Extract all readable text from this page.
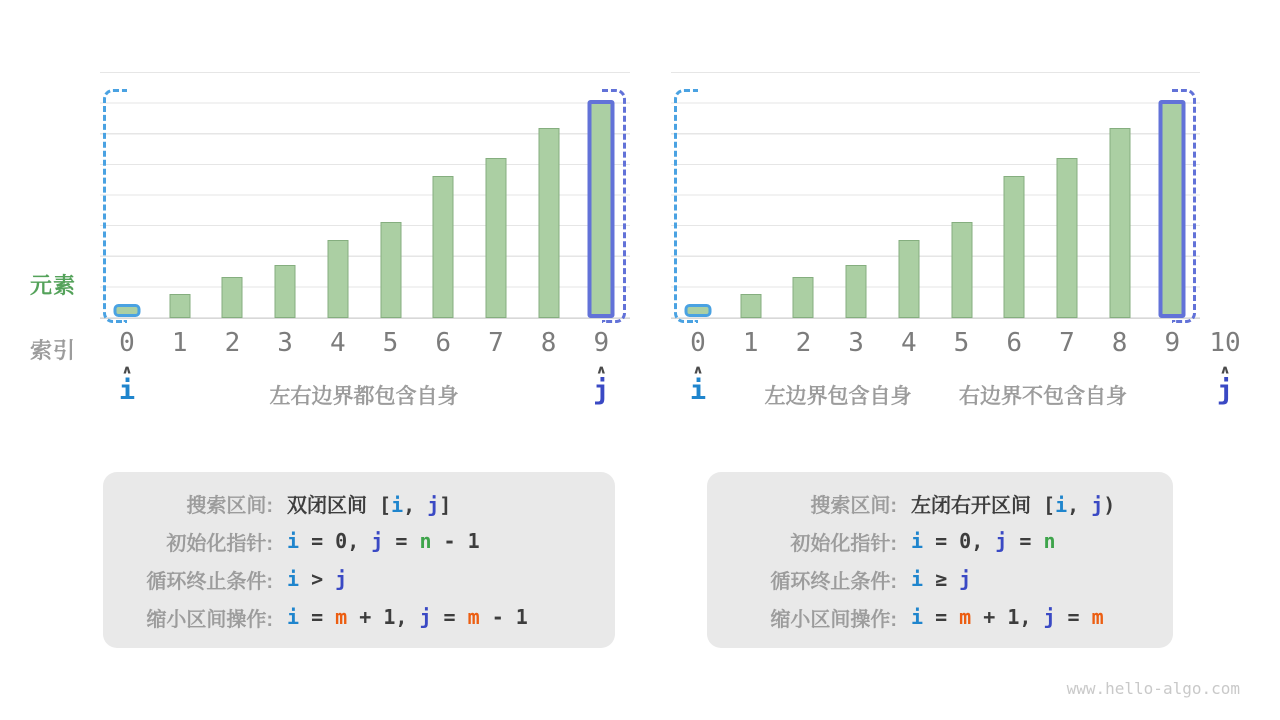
元素
索引 0 1 2 3 4 5 6 7 8 9
∧
i
∧
j
左右边界都包含自身
0 1 2 3 4 5 6 7 8 9 10
∧
i
∧
j
左边界包含自身 右边界不包含自身
搜索区间: 双闭区间 [i, j]
初始化指针: i = 0, j = n - 1
循环终止条件: i > j
缩小区间操作: i = m + 1, j = m - 1
搜索区间: 左闭右开区间 [i, j)
初始化指针: i = 0, j = n
循环终止条件: i ≥ j
缩小区间操作: i = m + 1, j = m
www.hello-algo.com
